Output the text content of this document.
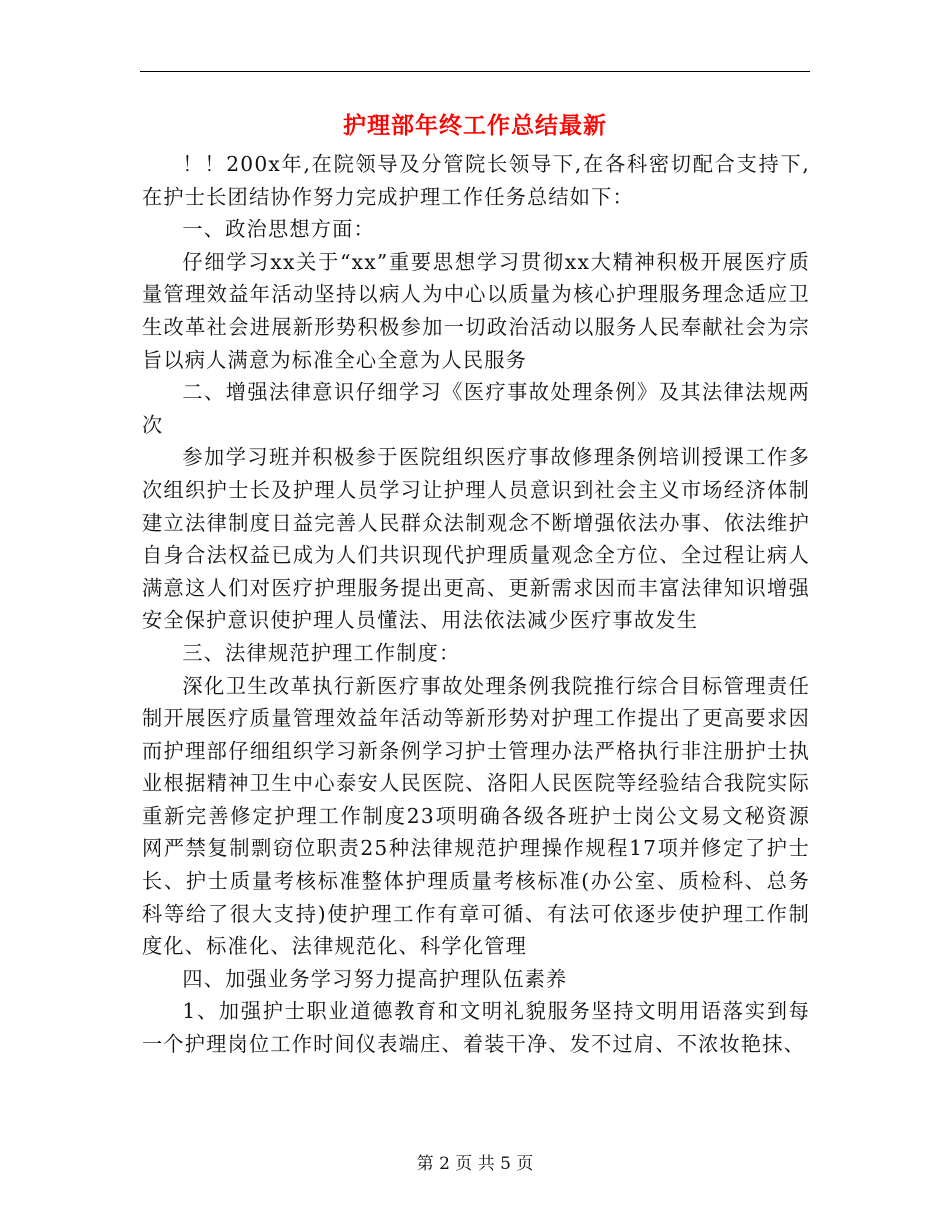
护理部年终工作总结最新

！！200x年,在院领导及分管院长领导下,在各科密切配合支持下,在护士长团结协作努力完成护理工作任务总结如下：

一、政治思想方面：

仔细学习xx关于“xx”重要思想学习贯彻xx大精神积极开展医疗质量管理效益年活动坚持以病人为中心以质量为核心护理服务理念适应卫生改革社会进展新形势积极参加一切政治活动以服务人民奉献社会为宗旨以病人满意为标准全心全意为人民服务

二、增强法律意识仔细学习《医疗事故处理条例》及其法律法规两次

参加学习班并积极参于医院组织医疗事故修理条例培训授课工作多次组织护士长及护理人员学习让护理人员意识到社会主义市场经济体制建立法律制度日益完善人民群众法制观念不断增强依法办事、依法维护自身合法权益已成为人们共识现代护理质量观念全方位、全过程让病人满意这人们对医疗护理服务提出更高、更新需求因而丰富法律知识增强安全保护意识使护理人员懂法、用法依法减少医疗事故发生

三、法律规范护理工作制度：

深化卫生改革执行新医疗事故处理条例我院推行综合目标管理责任制开展医疗质量管理效益年活动等新形势对护理工作提出了更高要求因而护理部仔细组织学习新条例学习护士管理办法严格执行非注册护士执业根据精神卫生中心泰安人民医院、洛阳人民医院等经验结合我院实际重新完善修定护理工作制度23项明确各级各班护士岗公文易文秘资源网严禁复制剽窃位职责25种法律规范护理操作规程17项并修定了护士长、护士质量考核标准整体护理质量考核标准(办公室、质检科、总务科等给了很大支持)使护理工作有章可循、有法可依逐步使护理工作制度化、标准化、法律规范化、科学化管理

四、加强业务学习努力提高护理队伍素养

1、加强护士职业道德教育和文明礼貌服务坚持文明用语落实到每一个护理岗位工作时间仪表端庄、着装干净、发不过肩、不浓妆艳抹、

第 2 页 共 5 页
